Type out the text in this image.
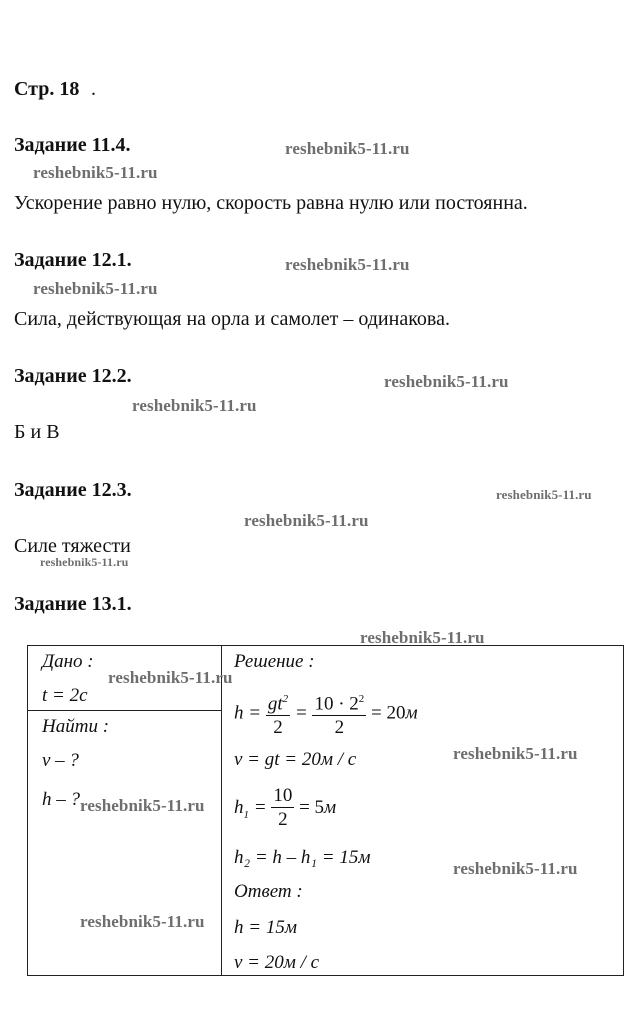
Стр. 18 .
Задание 11.4.	reshebnik5-11.ru
reshebnik5-11.ru
Ускорение равно нулю, скорость равна нулю или постоянна.
Задание 12.1.	reshebnik5-11.ru
reshebnik5-11.ru
Сила, действующая на орла и самолет – одинакова.
Задание 12.2.	reshebnik5-11.ru
reshebnik5-11.ru
Б и В
Задание 12.3.	reshebnik5-11.ru
reshebnik5-11.ru
Силе тяжести
reshebnik5-11.ru
Задание 13.1.
reshebnik5-11.ru
Дано :
t = 2c
Найти :
v – ?
h – ?
Решение :
$h = \frac{gt^2}{2} = \frac{10 \cdot 2^2}{2} = 20м$
v = gt = 20м / с
$h_1 = \frac{10}{2} = 5м$
h₂ = h – h₁ = 15м
Ответ :
h = 15м
v = 20м / с
reshebnik5-11.ru
reshebnik5-11.ru
reshebnik5-11.ru
reshebnik5-11.ru
reshebnik5-11.ru
